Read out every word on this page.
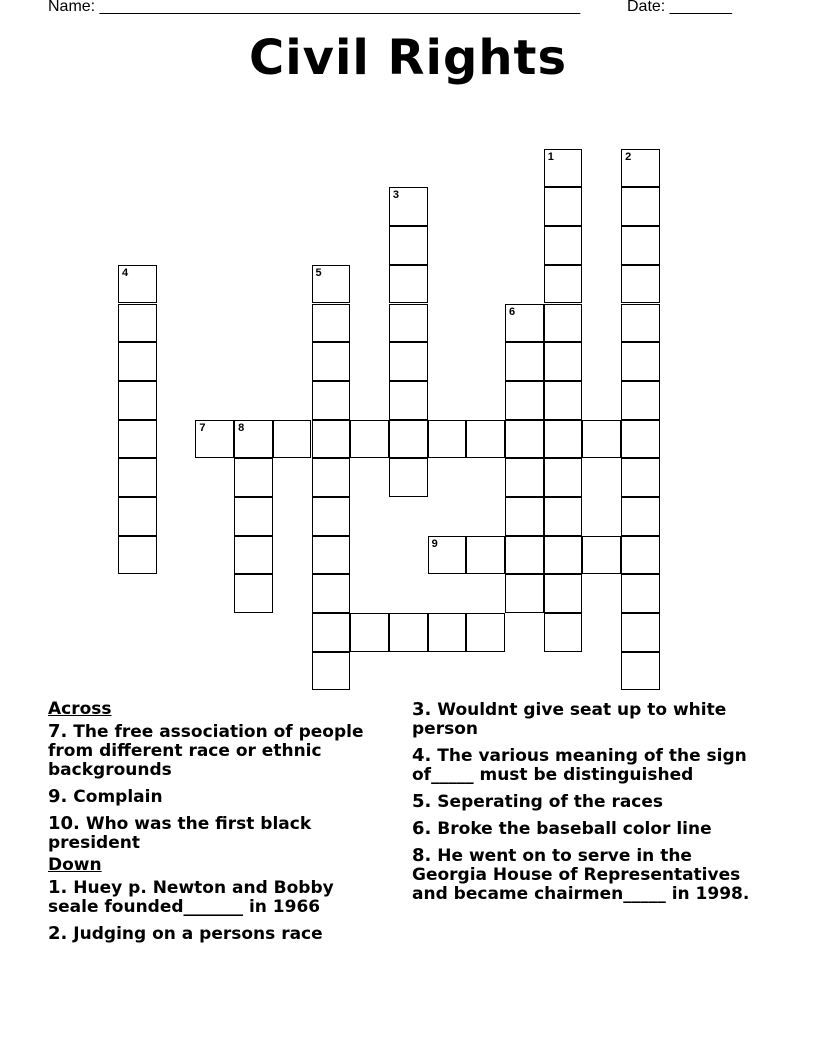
Name: ______________________________________________________	Date: _______
Civil Rights
1	2
3
4	5
6
7	8
9
Across
7. The free association of people from different race or ethnic backgrounds
9. Complain
10. Who was the first black president
Down
1. Huey p. Newton and Bobby seale founded_______ in 1966
2. Judging on a persons race
3. Wouldnt give seat up to white person
4. The various meaning of the sign of_____ must be distinguished
5. Seperating of the races
6. Broke the baseball color line
8. He went on to serve in the Georgia House of Representatives and became chairmen_____ in 1998.
